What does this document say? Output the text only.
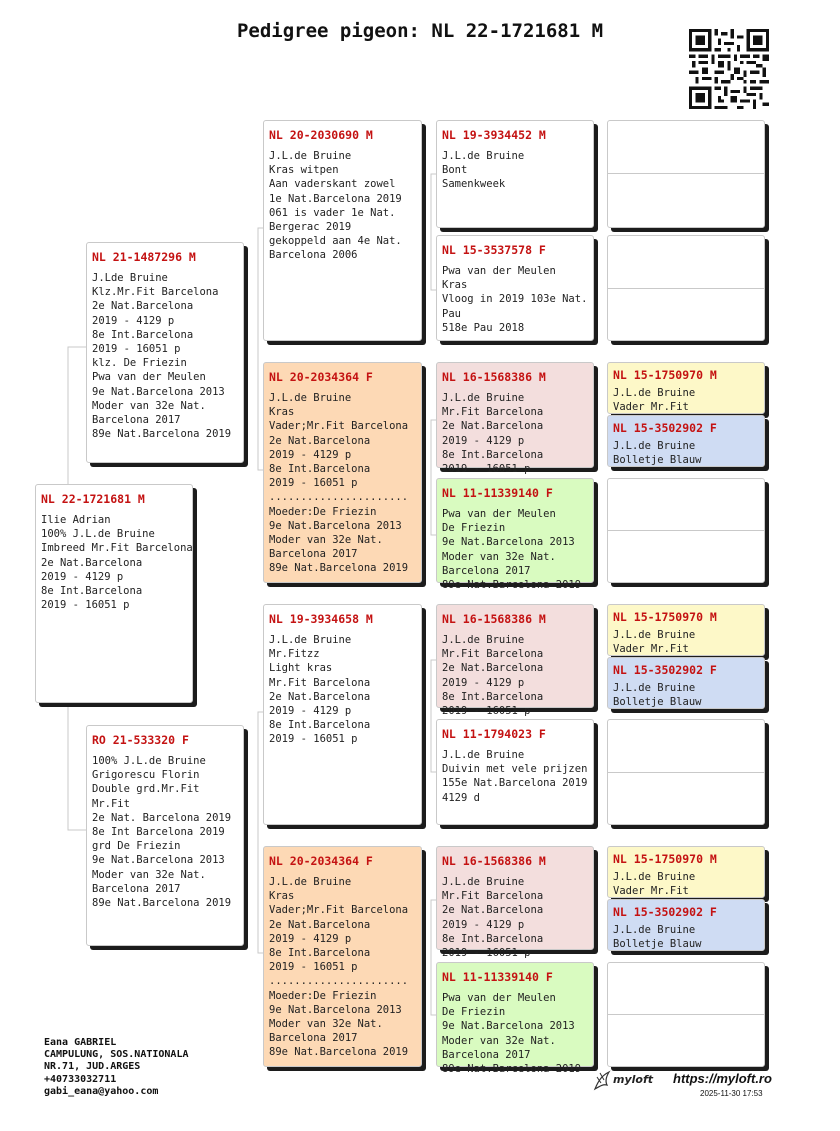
Pedigree pigeon: NL 22-1721681 M
NL 22-1721681 M
Ilie Adrian
100% J.L.de Bruine
Imbreed Mr.Fit Barcelona
2e Nat.Barcelona
2019 - 4129 p
8e Int.Barcelona
2019 - 16051 p
NL 21-1487296 M
J.Lde Bruine
Klz.Mr.Fit Barcelona
2e Nat.Barcelona
2019 - 4129 p
8e Int.Barcelona
2019 - 16051 p
klz. De Friezin
Pwa van der Meulen
9e Nat.Barcelona 2013
Moder van 32e Nat.
Barcelona 2017
89e Nat.Barcelona 2019
RO 21-533320 F
100% J.L.de Bruine
Grigorescu Florin
Double grd.Mr.Fit
Mr.Fit
2e Nat. Barcelona 2019
8e Int Barcelona 2019
grd De Friezin
9e Nat.Barcelona 2013
Moder van 32e Nat.
Barcelona 2017
89e Nat.Barcelona 2019
NL 20-2030690 M
J.L.de Bruine
Kras witpen
Aan vaderskant zowel
1e Nat.Barcelona 2019
061 is vader 1e Nat.
Bergerac 2019
gekoppeld aan 4e Nat.
Barcelona 2006
NL 20-2034364 F
J.L.de Bruine
Kras
Vader;Mr.Fit Barcelona
2e Nat.Barcelona
2019 - 4129 p
8e Int.Barcelona
2019 - 16051 p
......................
Moeder:De Friezin
9e Nat.Barcelona 2013
Moder van 32e Nat.
Barcelona 2017
89e Nat.Barcelona 2019
NL 19-3934658 M
J.L.de Bruine
Mr.Fitzz
Light kras
Mr.Fit Barcelona
2e Nat.Barcelona
2019 - 4129 p
8e Int.Barcelona
2019 - 16051 p
NL 20-2034364 F
J.L.de Bruine
Kras
Vader;Mr.Fit Barcelona
2e Nat.Barcelona
2019 - 4129 p
8e Int.Barcelona
2019 - 16051 p
......................
Moeder:De Friezin
9e Nat.Barcelona 2013
Moder van 32e Nat.
Barcelona 2017
89e Nat.Barcelona 2019
NL 19-3934452 M
J.L.de Bruine
Bont
Samenkweek
NL 15-3537578 F
Pwa van der Meulen
Kras
Vloog in 2019 103e Nat.
Pau
518e Pau 2018
NL 16-1568386 M
J.L.de Bruine
Mr.Fit Barcelona
2e Nat.Barcelona
2019 - 4129 p
8e Int.Barcelona
2019 - 16051 p
NL 11-11339140 F
Pwa van der Meulen
De Friezin
9e Nat.Barcelona 2013
Moder van 32e Nat.
Barcelona 2017
89e Nat.Barcelona 2019
NL 16-1568386 M
J.L.de Bruine
Mr.Fit Barcelona
2e Nat.Barcelona
2019 - 4129 p
8e Int.Barcelona
2019 - 16051 p
NL 11-1794023 F
J.L.de Bruine
Duivin met vele prijzen
155e Nat.Barcelona 2019
4129 d
NL 16-1568386 M
J.L.de Bruine
Mr.Fit Barcelona
2e Nat.Barcelona
2019 - 4129 p
8e Int.Barcelona
2019 - 16051 p
NL 11-11339140 F
Pwa van der Meulen
De Friezin
9e Nat.Barcelona 2013
Moder van 32e Nat.
Barcelona 2017
89e Nat.Barcelona 2019
NL 15-1750970 M
J.L.de Bruine
Vader Mr.Fit
NL 15-3502902 F
J.L.de Bruine
Bolletje Blauw
NL 15-1750970 M
J.L.de Bruine
Vader Mr.Fit
NL 15-3502902 F
J.L.de Bruine
Bolletje Blauw
NL 15-1750970 M
J.L.de Bruine
Vader Mr.Fit
NL 15-3502902 F
J.L.de Bruine
Bolletje Blauw
Eana GABRIEL
CAMPULUNG, SOS.NATIONALA
NR.71, JUD.ARGES
+40733032711
gabi_eana@yahoo.com
myloft https://myloft.ro
2025-11-30 17:53
